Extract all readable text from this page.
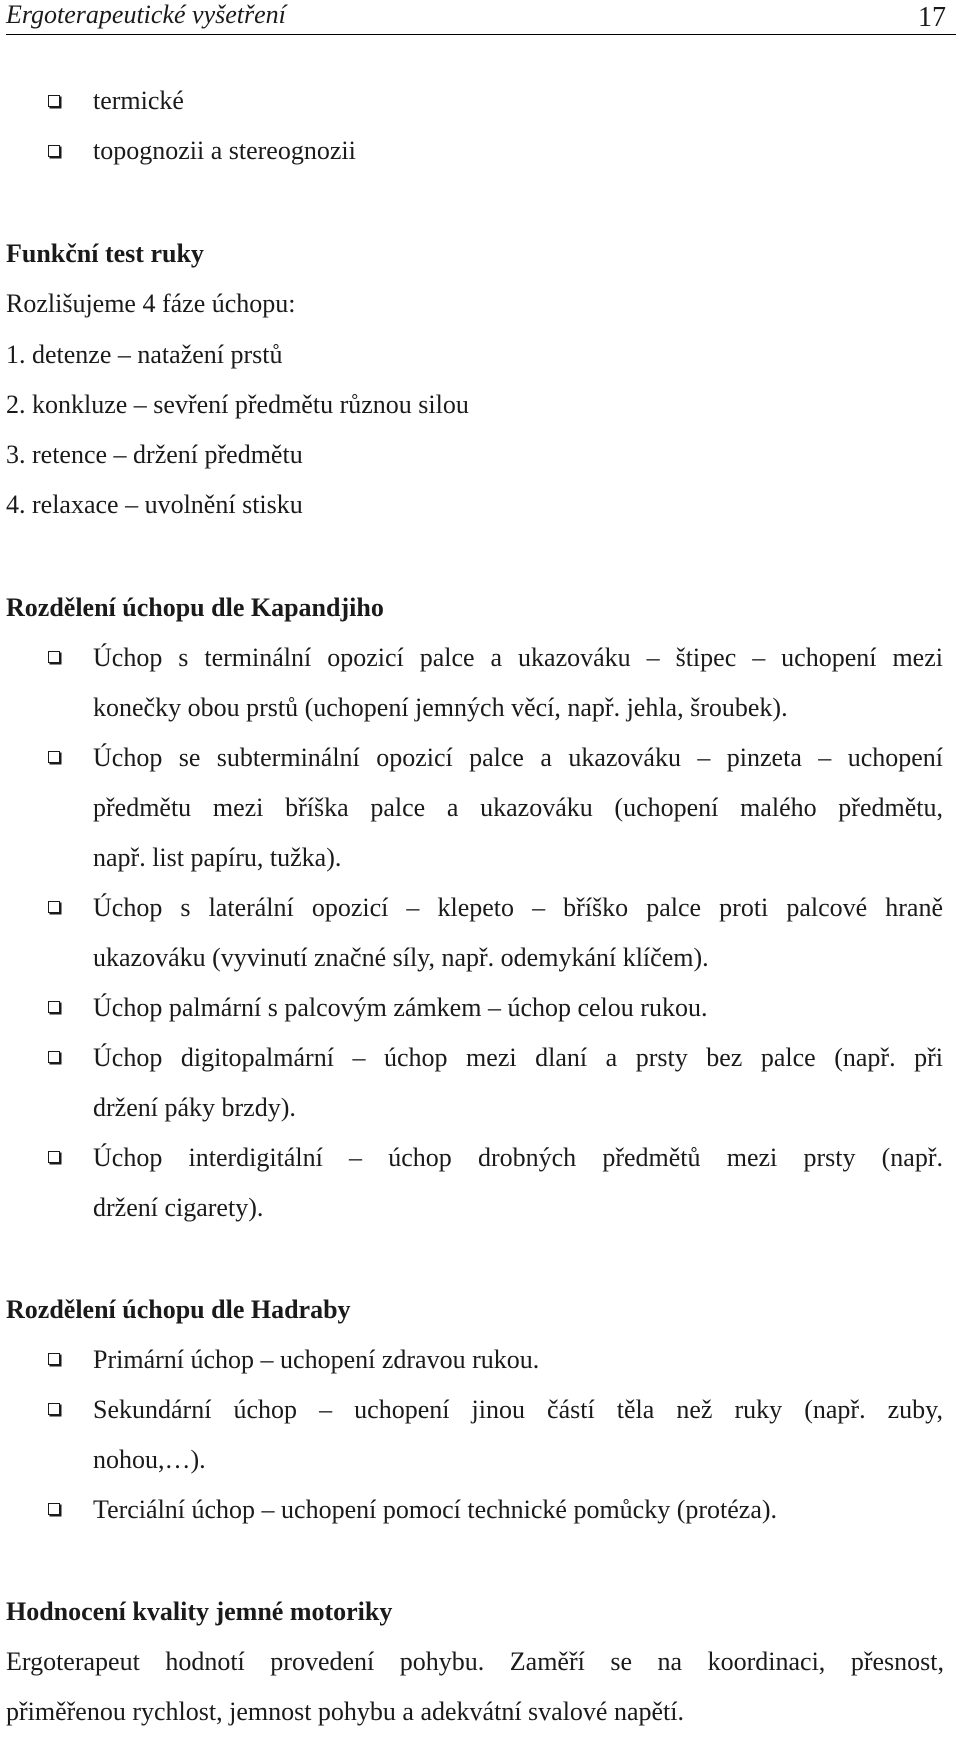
Ergoterapeutické vyšetření	17
termické
topognozii a stereognozii
Funkční test ruky
Rozlišujeme 4 fáze úchopu:
1. detenze – natažení prstů
2. konkluze – sevření předmětu různou silou
3. retence – držení předmětu
4. relaxace – uvolnění stisku
Rozdělení úchopu dle Kapandjiho
Úchop s terminální opozicí palce a ukazováku – štipec – uchopení mezi
konečky obou prstů (uchopení jemných věcí, např. jehla, šroubek).
Úchop se subterminální opozicí palce a ukazováku – pinzeta – uchopení
předmětu mezi bříška palce a ukazováku (uchopení malého předmětu,
např. list papíru, tužka).
Úchop s laterální opozicí – klepeto – bříško palce proti palcové hraně
ukazováku (vyvinutí značné síly, např. odemykání klíčem).
Úchop palmární s palcovým zámkem – úchop celou rukou.
Úchop digitopalmární – úchop mezi dlaní a prsty bez palce (např. při
držení páky brzdy).
Úchop interdigitální – úchop drobných předmětů mezi prsty (např.
držení cigarety).
Rozdělení úchopu dle Hadraby
Primární úchop – uchopení zdravou rukou.
Sekundární úchop – uchopení jinou částí těla než ruky (např. zuby,
nohou,…).
Terciální úchop – uchopení pomocí technické pomůcky (protéza).
Hodnocení kvality jemné motoriky
Ergoterapeut hodnotí provedení pohybu. Zaměří se na koordinaci, přesnost,
přiměřenou rychlost, jemnost pohybu a adekvátní svalové napětí.
